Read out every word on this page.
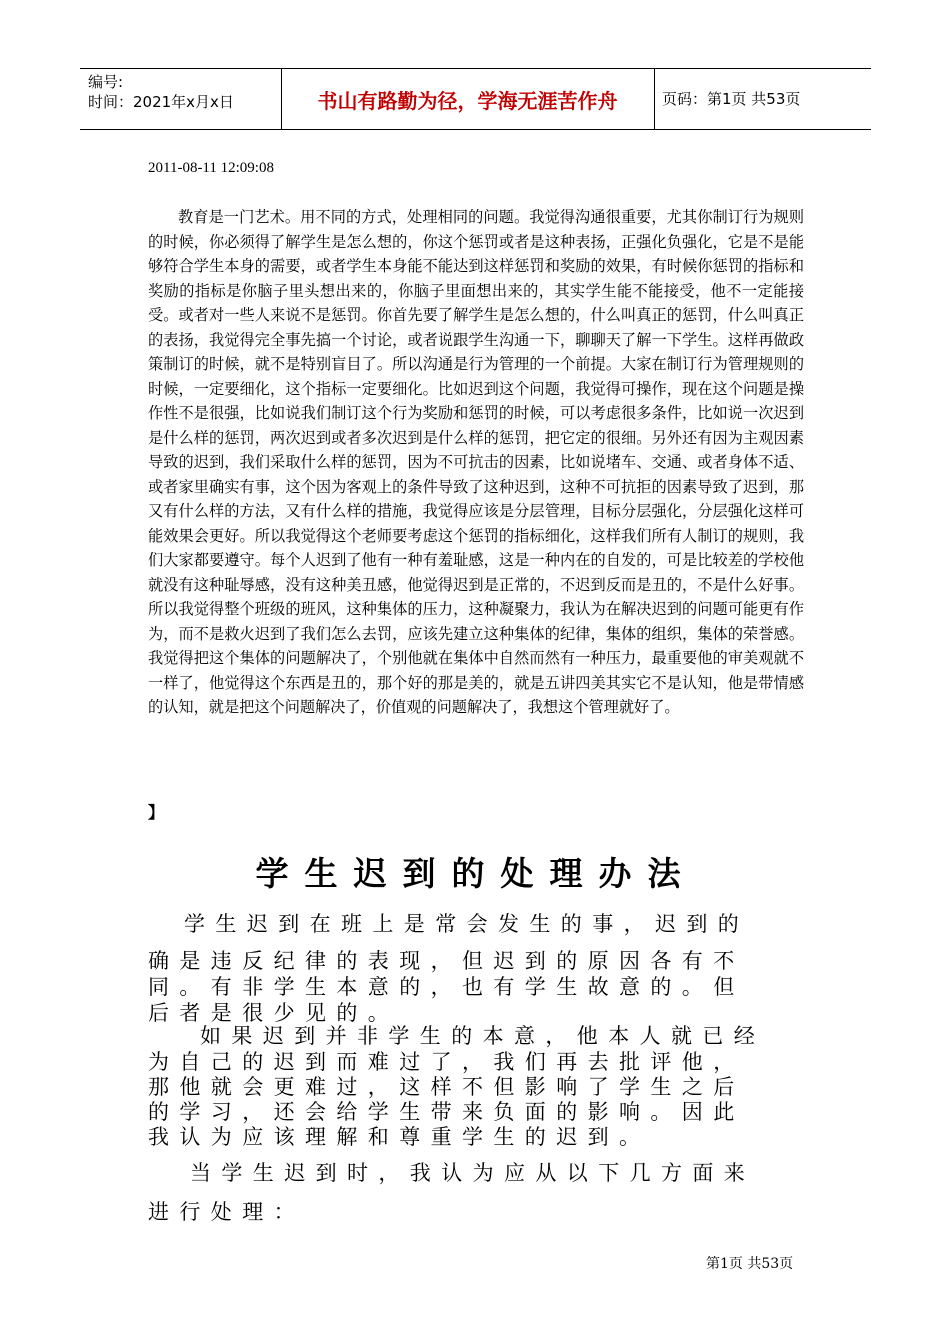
编号:
时间：2021年x月x日	书山有路勤为径，学海无涯苦作舟	页码：第1页 共53页
2011-08-11 12:09:08

教育是一门艺术。用不同的方式，处理相同的问题。我觉得沟通很重要，尤其你制订行为规则的时候，你必须得了解学生是怎么想的，你这个惩罚或者是这种表扬，正强化负强化，它是不是能够符合学生本身的需要，或者学生本身能不能达到这样惩罚和奖励的效果，有时候你惩罚的指标和奖励的指标是你脑子里头想出来的，你脑子里面想出来的，其实学生能不能接受，他不一定能接受。或者对一些人来说不是惩罚。你首先要了解学生是怎么想的，什么叫真正的惩罚，什么叫真正的表扬，我觉得完全事先搞一个讨论，或者说跟学生沟通一下，聊聊天了解一下学生。这样再做政策制订的时候，就不是特别盲目了。所以沟通是行为管理的一个前提。大家在制订行为管理规则的时候，一定要细化，这个指标一定要细化。比如迟到这个问题，我觉得可操作，现在这个问题是操作性不是很强，比如说我们制订这个行为奖励和惩罚的时候，可以考虑很多条件，比如说一次迟到是什么样的惩罚，两次迟到或者多次迟到是什么样的惩罚，把它定的很细。另外还有因为主观因素导致的迟到，我们采取什么样的惩罚，因为不可抗击的因素，比如说堵车、交通、或者身体不适、或者家里确实有事，这个因为客观上的条件导致了这种迟到，这种不可抗拒的因素导致了迟到，那又有什么样的方法，又有什么样的措施，我觉得应该是分层管理，目标分层强化，分层强化这样可能效果会更好。所以我觉得这个老师要考虑这个惩罚的指标细化，这样我们所有人制订的规则，我们大家都要遵守。每个人迟到了他有一种有羞耻感，这是一种内在的自发的，可是比较差的学校他就没有这种耻辱感，没有这种美丑感，他觉得迟到是正常的，不迟到反而是丑的，不是什么好事。所以我觉得整个班级的班风，这种集体的压力，这种凝聚力，我认为在解决迟到的问题可能更有作为，而不是救火迟到了我们怎么去罚，应该先建立这种集体的纪律，集体的组织，集体的荣誉感。我觉得把这个集体的问题解决了，个别他就在集体中自然而然有一种压力，最重要他的审美观就不一样了，他觉得这个东西是丑的，那个好的那是美的，就是五讲四美其实它不是认知，他是带情感的认知，就是把这个问题解决了，价值观的问题解决了，我想这个管理就好了。

】
学生迟到的处理办法

学生迟到在班上是常会发生的事，迟到的

确是违反纪律的表现，但迟到的原因各有不

同。有非学生本意的，也有学生故意的。但

后者是很少见的。

如果迟到并非学生的本意，他本人就已经

为自己的迟到而难过了，我们再去批评他，

那他就会更难过，这样不但影响了学生之后

的学习，还会给学生带来负面的影响。因此

我认为应该理解和尊重学生的迟到。

当学生迟到时，我认为应从以下几方面来

进行处理：

第1页 共53页
